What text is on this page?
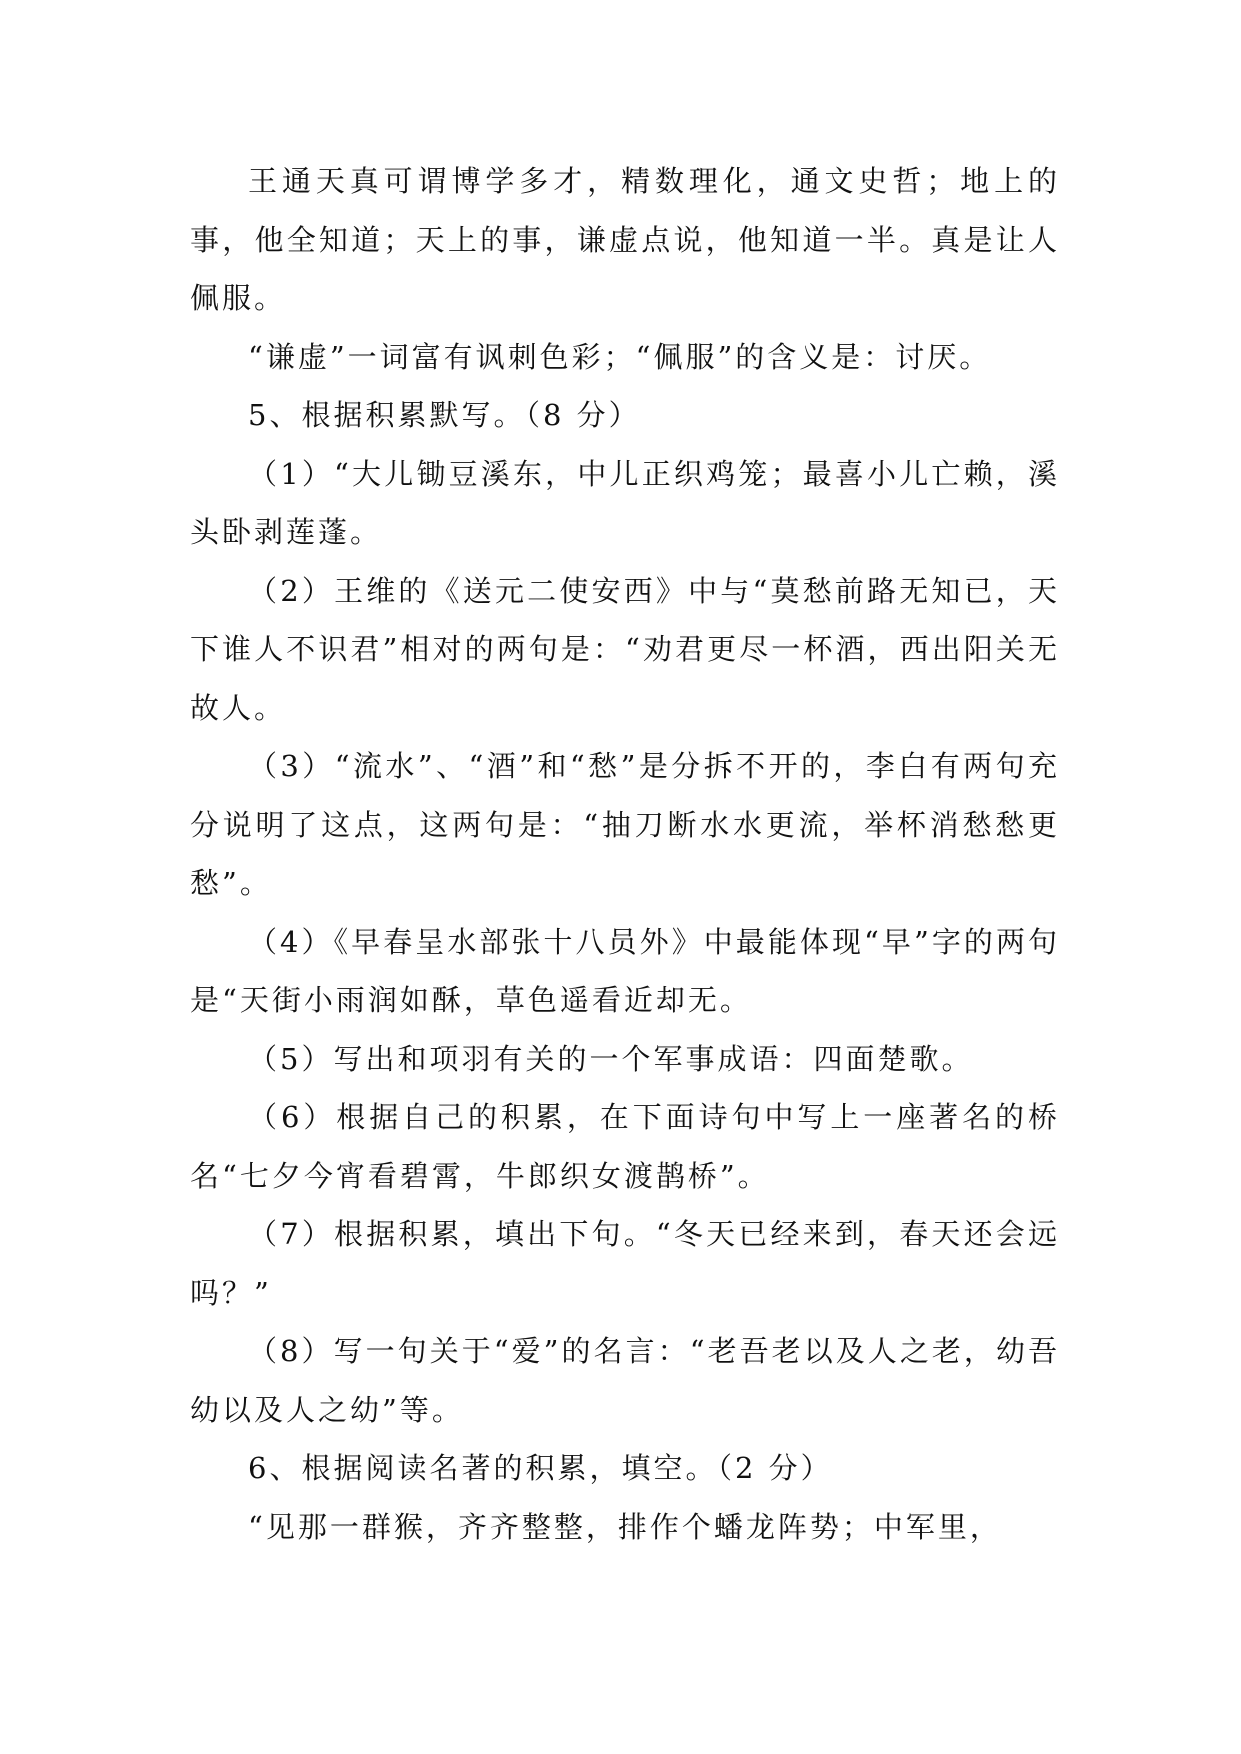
王通天真可谓博学多才，精数理化，通文史哲；地上的事，他全知道；天上的事，谦虚点说，他知道一半。真是让人佩服。

“谦虚”一词富有讽刺色彩；“佩服”的含义是：讨厌。

5、根据积累默写。（8 分）

（1）“大儿锄豆溪东，中儿正织鸡笼；最喜小儿亡赖，溪头卧剥莲蓬。

（2）王维的《送元二使安西》中与“莫愁前路无知已，天下谁人不识君”相对的两句是：“劝君更尽一杯酒，西出阳关无故人。

（3）“流水”、“酒”和“愁”是分拆不开的，李白有两句充分说明了这点，这两句是：“抽刀断水水更流，举杯消愁愁更愁”。

（4）《早春呈水部张十八员外》中最能体现“早”字的两句是“天街小雨润如酥，草色遥看近却无。

（5）写出和项羽有关的一个军事成语：四面楚歌。

（6）根据自己的积累，在下面诗句中写上一座著名的桥名“七夕今宵看碧霄，牛郎织女渡鹊桥”。

（7）根据积累，填出下句。“冬天已经来到，春天还会远吗？”

（8）写一句关于“爱”的名言：“老吾老以及人之老，幼吾幼以及人之幼”等。

6、根据阅读名著的积累，填空。（2 分）

“见那一群猴，齐齐整整，排作个蟠龙阵势；中军里，
